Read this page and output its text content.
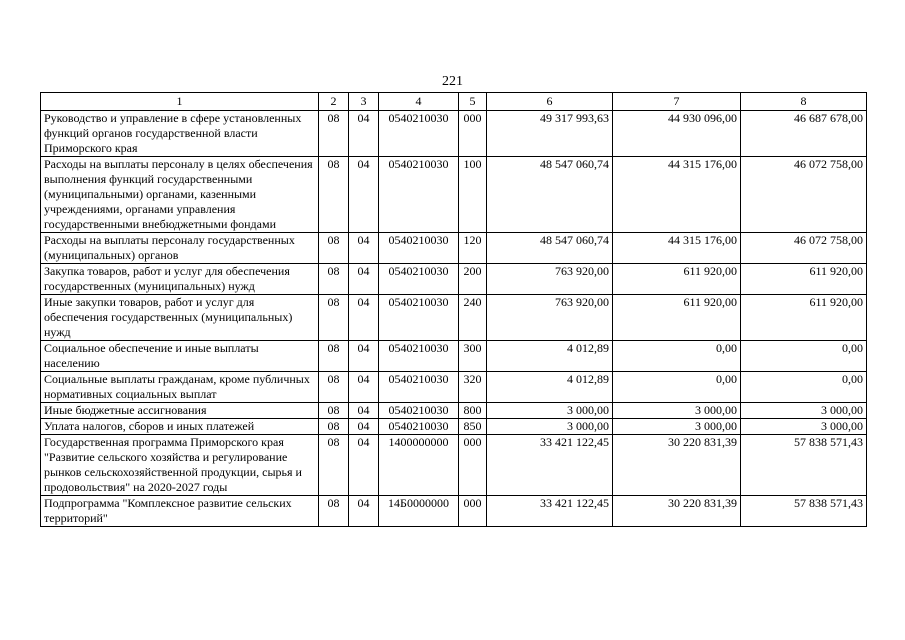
221
1	2	3	4	5	6	7	8
Руководство и управление в сфере установленных функций органов государственной власти Приморского края	08	04	0540210030	000	49 317 993,63	44 930 096,00	46 687 678,00
Расходы на выплаты персоналу в целях обеспечения выполнения функций государственными (муниципальными) органами, казенными учреждениями, органами управления государственными внебюджетными фондами	08	04	0540210030	100	48 547 060,74	44 315 176,00	46 072 758,00
Расходы на выплаты персоналу государственных (муниципальных) органов	08	04	0540210030	120	48 547 060,74	44 315 176,00	46 072 758,00
Закупка товаров, работ и услуг для обеспечения государственных (муниципальных) нужд	08	04	0540210030	200	763 920,00	611 920,00	611 920,00
Иные закупки товаров, работ и услуг для обеспечения государственных (муниципальных) нужд	08	04	0540210030	240	763 920,00	611 920,00	611 920,00
Социальное обеспечение и иные выплаты населению	08	04	0540210030	300	4 012,89	0,00	0,00
Социальные выплаты гражданам, кроме публичных нормативных социальных выплат	08	04	0540210030	320	4 012,89	0,00	0,00
Иные бюджетные ассигнования	08	04	0540210030	800	3 000,00	3 000,00	3 000,00
Уплата налогов, сборов и иных платежей	08	04	0540210030	850	3 000,00	3 000,00	3 000,00
Государственная программа Приморского края "Развитие сельского хозяйства и регулирование рынков сельскохозяйственной продукции, сырья и продовольствия" на 2020-2027 годы	08	04	1400000000	000	33 421 122,45	30 220 831,39	57 838 571,43
Подпрограмма "Комплексное развитие сельских территорий"	08	04	14Б0000000	000	33 421 122,45	30 220 831,39	57 838 571,43
